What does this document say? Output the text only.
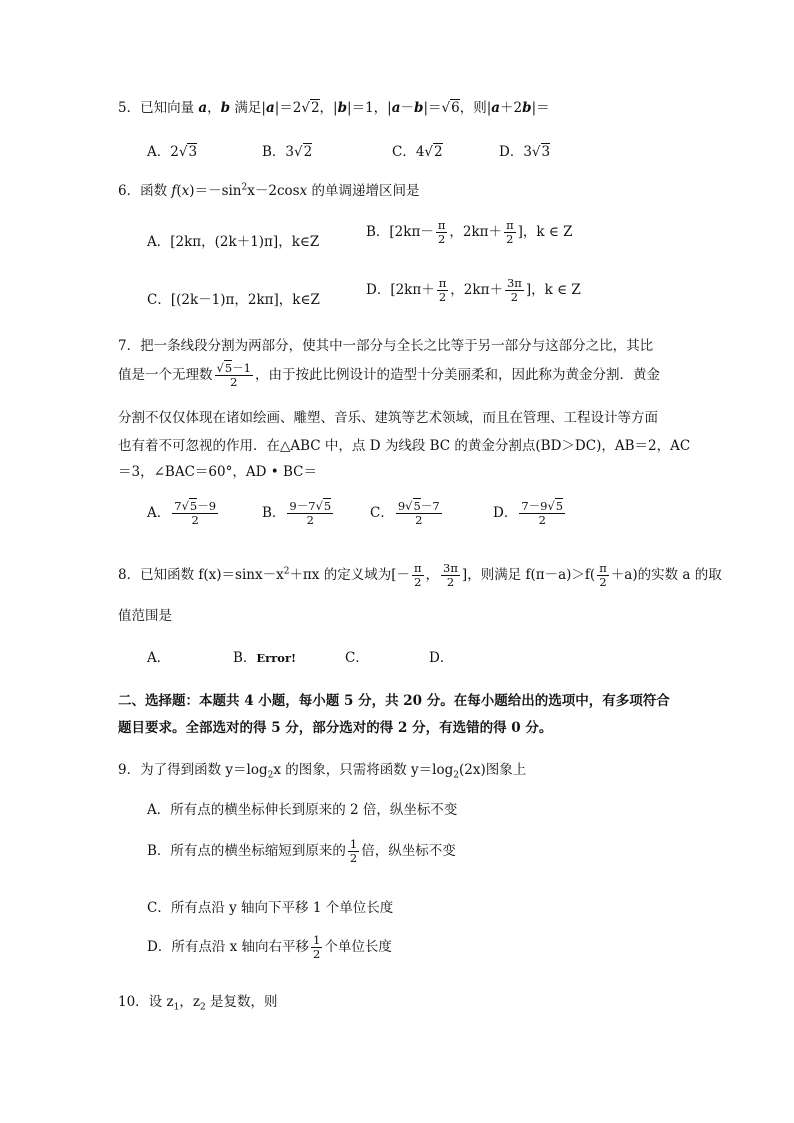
5．已知向量 a，b 满足|a|＝2√2，|b|＝1，|a－b|＝√6，则|a＋2b|＝
A．2√3	B．3√2	C．4√2	D．3√3
6．函数 $f(x)=-\sin^2x-2\cos x$ 的单调递增区间是
A．[2kπ，(2k＋1)π]，k∈Z
B．[$2k\pi- \frac{\pi}{2}$ ，$2k\pi+ \frac{\pi}{2}$ ]，k ∈ Z
C．[(2k－1)π，2kπ]，k∈Z
D．[$2k\pi+ \frac{\pi}{2}$ ，$2k\pi+ \frac{3\pi}{2}$ ]，k ∈ Z
7．把一条线段分割为两部分，使其中一部分与全长之比等于另一部分与这部分之比，其比
值是一个无理数 $\frac{√5-1}{2}$ ，由于按此比例设计的造型十分美丽柔和，因此称为黄金分割．黄金
分割不仅仅体现在诸如绘画、雕塑、音乐、建筑等艺术领域，而且在管理、工程设计等方面
也有着不可忽视的作用．在△ABC 中，点 D 为线段 BC 的黄金分割点(BD＞DC)，AB＝2，AC
＝3，∠BAC＝60°，AD • BC＝
A． $\frac{7√5-9}{2}$	B． $\frac{9-7√5}{2}$	C． $\frac{9√5-7}{2}$	D． $\frac{7-9√5}{2}$
8．已知函数 $f(x)=\sin x-x^2+\pi x$ 的定义域为[－ $\frac{\pi}{2}$ ， $\frac{3\pi}{2}$ ]，则满足 $f(\pi-a)>f( \frac{\pi}{2} +a)$的实数 a 的取
值范围是
A．	B．Error!	C．	D．
二、选择题：本题共 4 小题，每小题 5 分，共 20 分。在每小题给出的选项中，有多项符合
题目要求。全部选对的得 5 分，部分选对的得 2 分，有选错的得 0 分。
9．为了得到函数 $y=\log_2x$ 的图象，只需将函数 $y=\log_2(2x)$图象上
A．所有点的横坐标伸长到原来的 2 倍，纵坐标不变
B．所有点的横坐标缩短到原来的 $\frac{1}{2}$ 倍，纵坐标不变
C．所有点沿 y 轴向下平移 1 个单位长度
D．所有点沿 x 轴向右平移 $\frac{1}{2}$ 个单位长度
10．设 $z_1$，$z_2$ 是复数，则
